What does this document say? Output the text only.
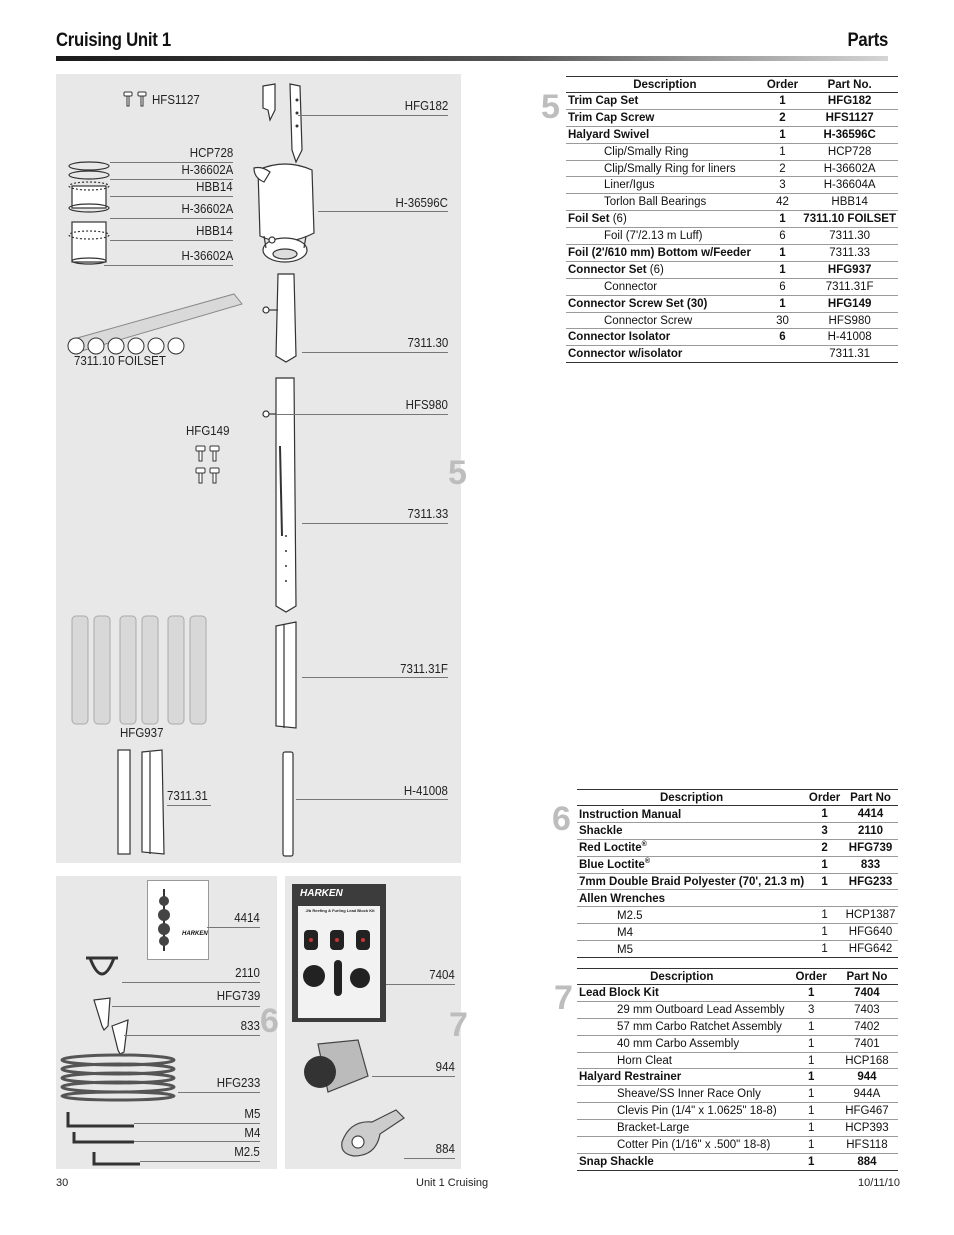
Cruising Unit 1	Parts
5
6	7
5
6
7
HFS1127	HFG182
HCP728
H-36602A
HBB14
H-36602A
HBB14
H-36602A
H-36596C
7311.10 FOILSET
7311.30
HFS980
7311.33
HFG149
HFG937
7311.31F
7311.31	H-41008
HARKEN
4414
2110
HFG739
833
HFG233
M5
M4
M2.5
HARKEN
J/b Reefing & Furling Lead Block Kit
7404
944
884
Description	Order	Part No.
Trim Cap Set	1	HFG182
Trim Cap Screw	2	HFS1127
Halyard Swivel	1	H-36596C
Clip/Smally Ring	1	HCP728
Clip/Smally Ring for liners	2	H-36602A
Liner/Igus	3	H-36604A
Torlon Ball Bearings	42	HBB14
Foil Set (6)	1	7311.10 FOILSET
Foil (7'/2.13 m Luff)	6	7311.30
Foil (2'/610 mm) Bottom w/Feeder	1	7311.33
Connector Set (6)	1	HFG937
Connector	6	7311.31F
Connector Screw Set (30)	1	HFG149
Connector Screw	30	HFS980
Connector Isolator	6	H-41008
Connector w/isolator		7311.31
Description	Order	Part No
Instruction Manual	1	4414
Shackle	3	2110
Red Loctite®	2	HFG739
Blue Loctite®	1	833
7mm Double Braid Polyester (70', 21.3 m)	1	HFG233
Allen Wrenches		
M2.5	1	HCP1387
M4	1	HFG640
M5	1	HFG642
Description	Order	Part No
Lead Block Kit	1	7404
29 mm Outboard Lead Assembly	3	7403
57 mm Carbo Ratchet Assembly	1	7402
40 mm Carbo Assembly	1	7401
Horn Cleat	1	HCP168
Halyard Restrainer	1	944
Sheave/SS Inner Race Only	1	944A
Clevis Pin (1/4" x 1.0625" 18-8)	1	HFG467
Bracket-Large	1	HCP393
Cotter Pin (1/16" x .500" 18-8)	1	HFS118
Snap Shackle	1	884
30	Unit 1 Cruising	10/11/10
